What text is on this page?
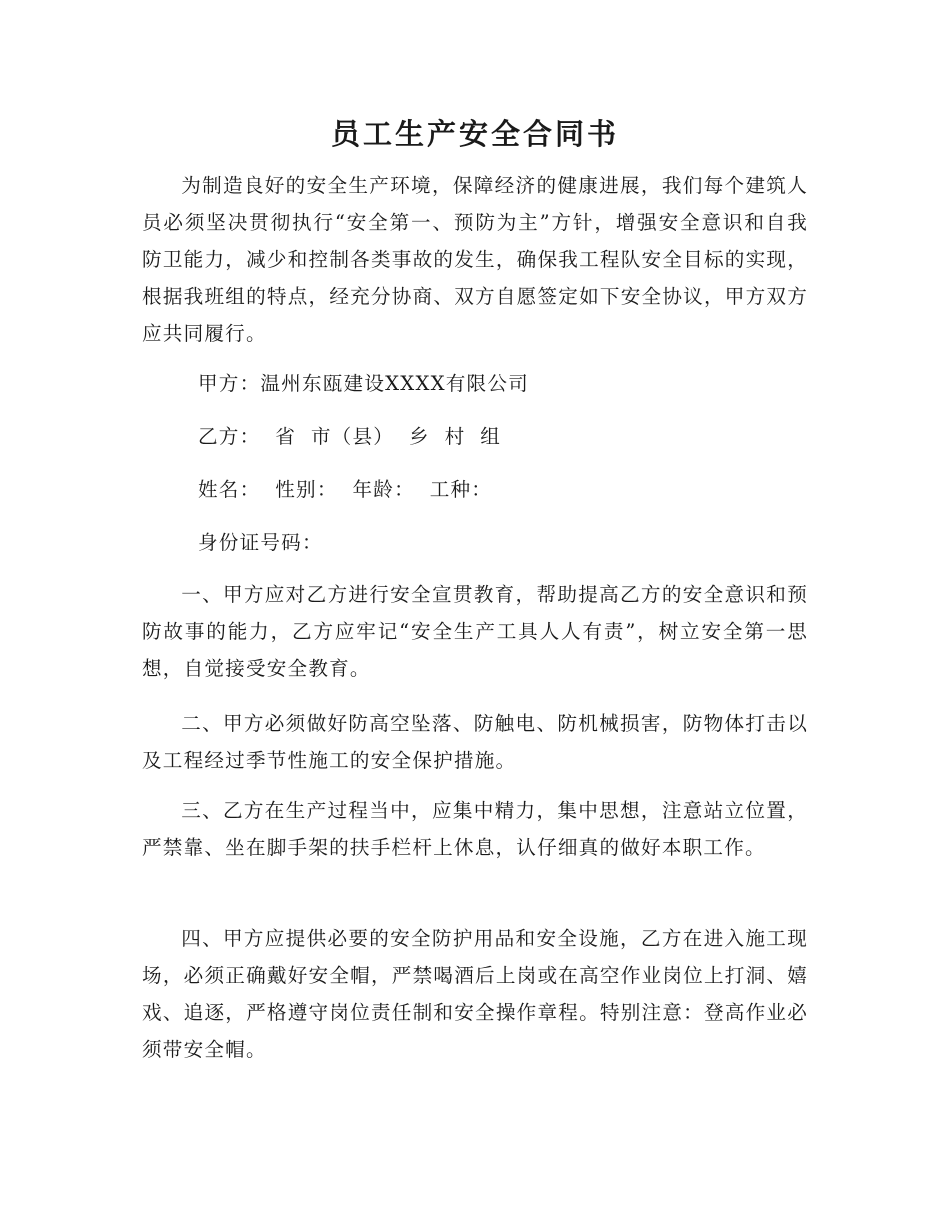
员工生产安全合同书

为制造良好的安全生产环境，保障经济的健康进展，我们每个建筑人员必须坚决贯彻执行“安全第一、预防为主”方针，增强安全意识和自我防卫能力，减少和控制各类事故的发生，确保我工程队安全目标的实现，根据我班组的特点，经充分协商、双方自愿签定如下安全协议，甲方双方应共同履行。

甲方：温州东瓯建设XXXX有限公司

乙方：  省  市（县）  乡  村  组

姓名：  性别：  年龄：  工种：

身份证号码：

一、甲方应对乙方进行安全宣贯教育，帮助提高乙方的安全意识和预防故事的能力，乙方应牢记“安全生产工具人人有责”，树立安全第一思想，自觉接受安全教育。

二、甲方必须做好防高空坠落、防触电、防机械损害，防物体打击以及工程经过季节性施工的安全保护措施。

三、乙方在生产过程当中，应集中精力，集中思想，注意站立位置，严禁靠、坐在脚手架的扶手栏杆上休息，认仔细真的做好本职工作。

四、甲方应提供必要的安全防护用品和安全设施，乙方在进入施工现场，必须正确戴好安全帽，严禁喝酒后上岗或在高空作业岗位上打洞、嬉戏、追逐，严格遵守岗位责任制和安全操作章程。特别注意：登高作业必须带安全帽。
